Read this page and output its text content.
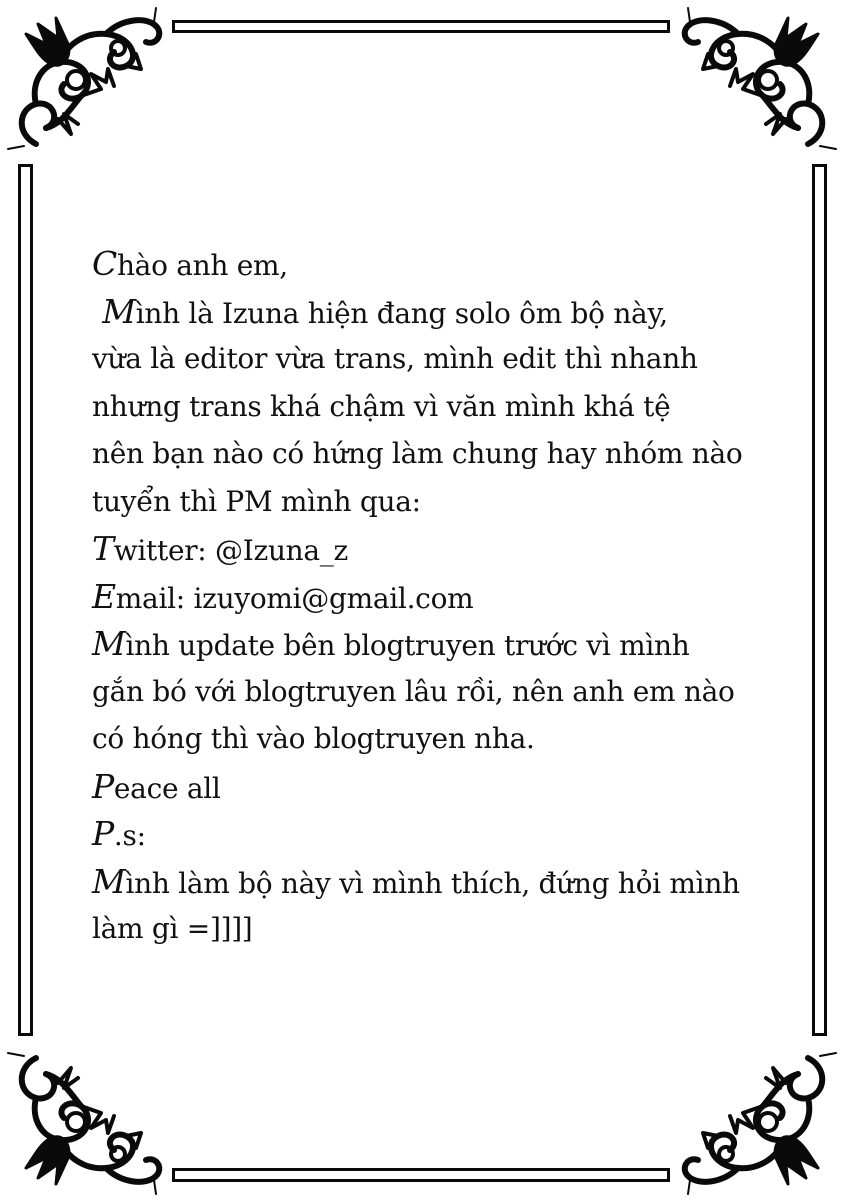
Chào anh em,
Mình là Izuna hiện đang solo ôm bộ này,
vừa là editor vừa trans, mình edit thì nhanh
nhưng trans khá chậm vì văn mình khá tệ
nên bạn nào có hứng làm chung hay nhóm nào
tuyển thì PM mình qua:
Twitter: @Izuna_z
Email: izuyomi@gmail.com
Mình update bên blogtruyen trước vì mình
gắn bó với blogtruyen lâu rồi, nên anh em nào
có hóng thì vào blogtruyen nha.
Peace all
P.s:
Mình làm bộ này vì mình thích, đứng hỏi mình
làm gì =]]]]
